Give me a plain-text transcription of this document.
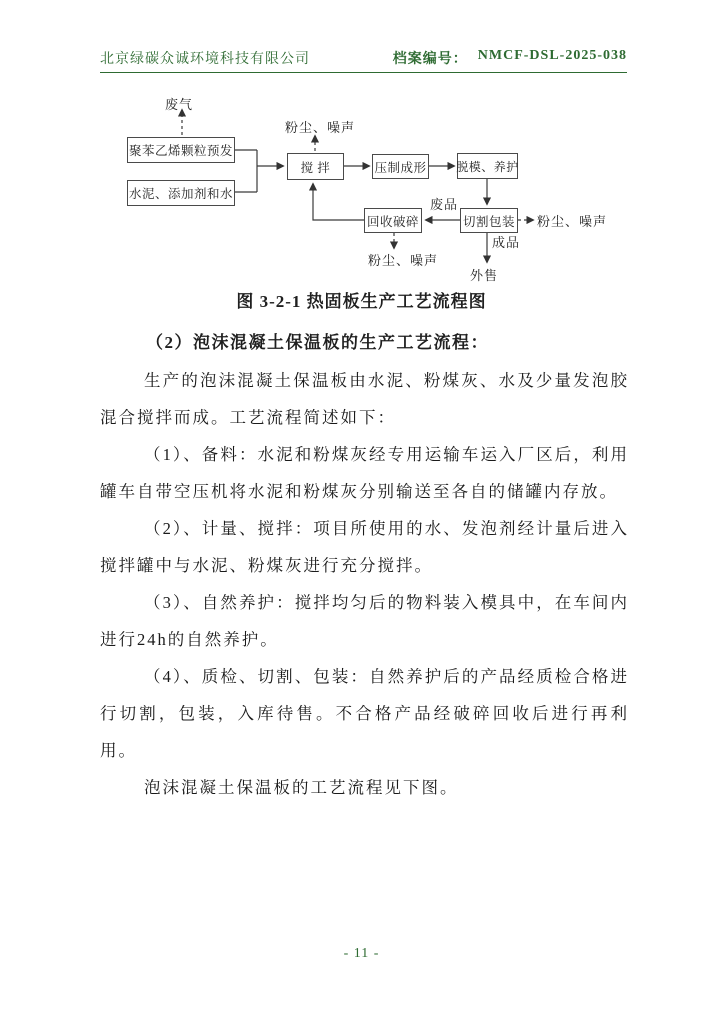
北京绿碳众诚环境科技有限公司	档案编号： NMCF-DSL-2025-038
废气
聚苯乙烯颗粒预发
水泥、添加剂和水
粉尘、噪声
搅 拌	压制成形 脱模、养护
废品
回收破碎	切割包装 粉尘、噪声
成品
粉尘、噪声
外售
图 3-2-1 热固板生产工艺流程图
（2）泡沫混凝土保温板的生产工艺流程：

生产的泡沫混凝土保温板由水泥、粉煤灰、水及少量发泡胶混合搅拌而成。工艺流程简述如下：

（1）、备料：水泥和粉煤灰经专用运输车运入厂区后，利用罐车自带空压机将水泥和粉煤灰分别输送至各自的储罐内存放。

（2）、计量、搅拌：项目所使用的水、发泡剂经计量后进入搅拌罐中与水泥、粉煤灰进行充分搅拌。

（3）、自然养护：搅拌均匀后的物料装入模具中，在车间内进行24h的自然养护。

（4）、质检、切割、包装：自然养护后的产品经质检合格进行切割，包装，入库待售。不合格产品经破碎回收后进行再利用。

泡沫混凝土保温板的工艺流程见下图。

- 11 -
